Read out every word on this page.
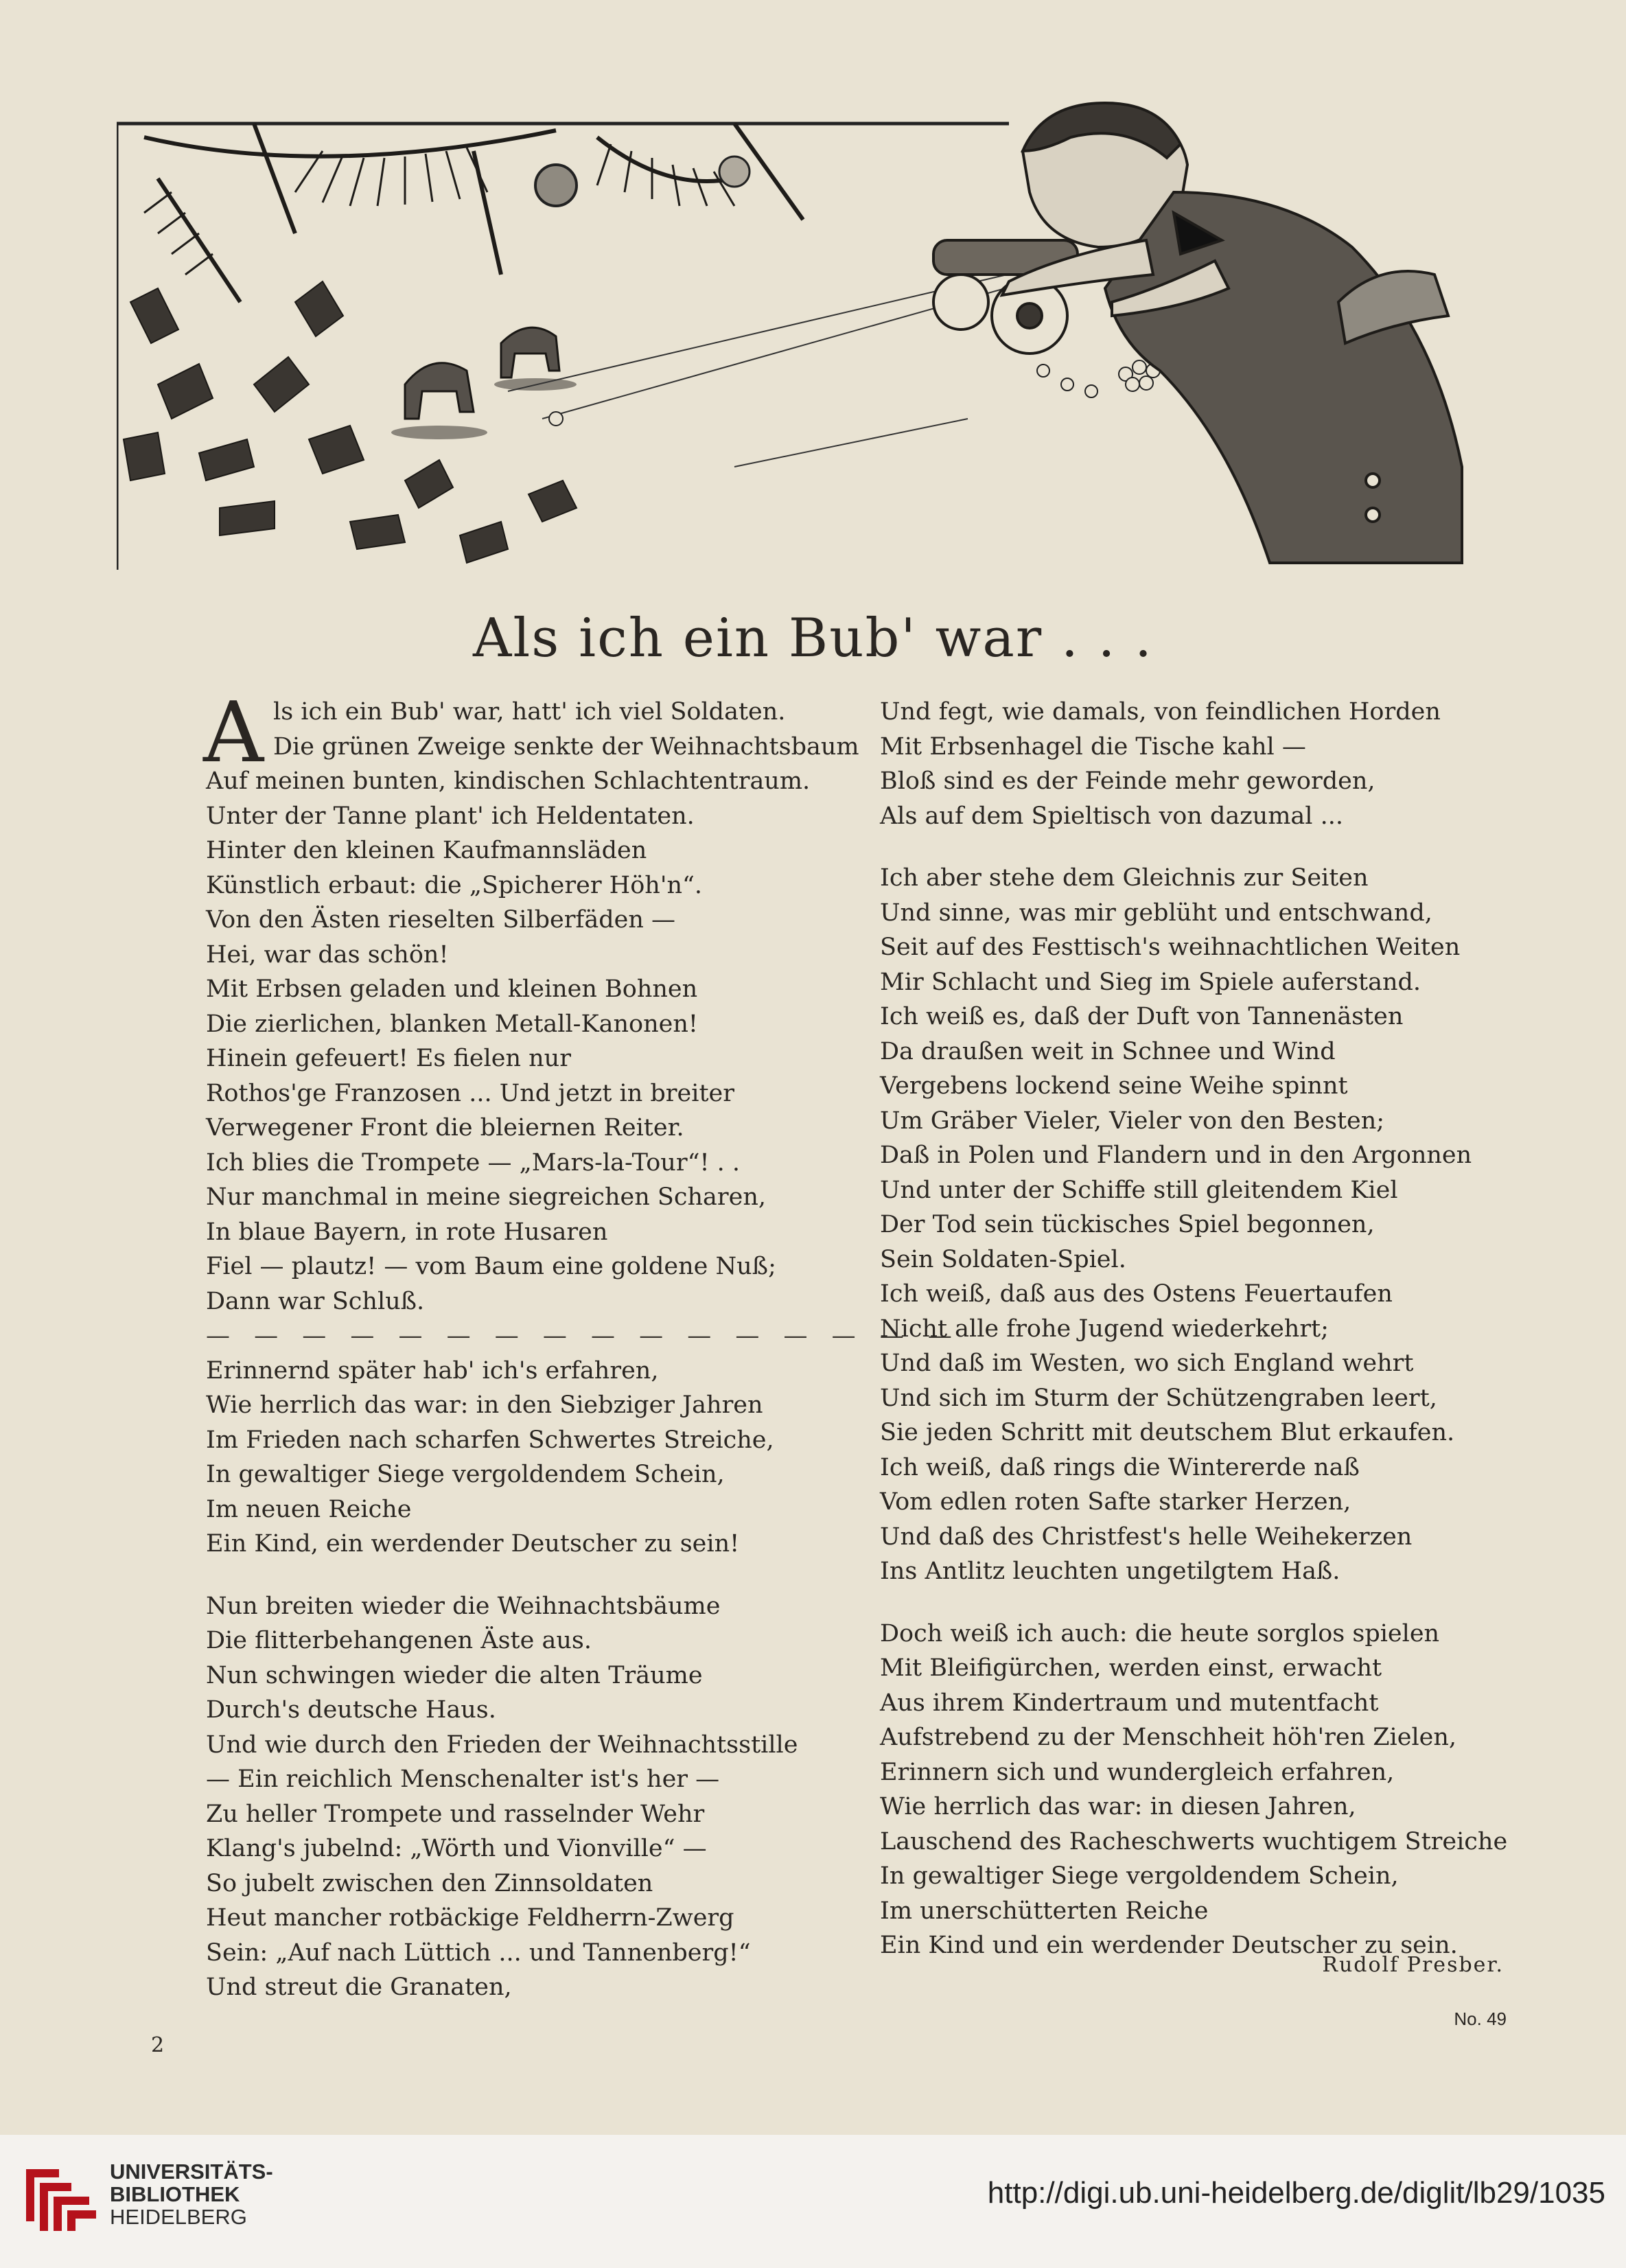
Als ich ein Bub' war . . .
A ls ich ein Bub' war, hatt' ich viel Soldaten.
Die grünen Zweige senkte der Weihnachtsbaum
Auf meinen bunten, kindischen Schlachtentraum.
Unter der Tanne plant' ich Heldentaten.
Hinter den kleinen Kaufmannsläden
Künstlich erbaut: die „Spicherer Höh'n“.
Von den Ästen rieselten Silberfäden —
Hei, war das schön!
Mit Erbsen geladen und kleinen Bohnen
Die zierlichen, blanken Metall-Kanonen!
Hinein gefeuert! Es fielen nur
Rothos'ge Franzosen ... Und jetzt in breiter
Verwegener Front die bleiernen Reiter.
Ich blies die Trompete — „Mars-la-Tour“! . .
Nur manchmal in meine siegreichen Scharen,
In blaue Bayern, in rote Husaren
Fiel — plautz! — vom Baum eine goldene Nuß;
Dann war Schluß.
— — — — — — — — — — — — — — — —
Erinnernd später hab' ich's erfahren,
Wie herrlich das war: in den Siebziger Jahren
Im Frieden nach scharfen Schwertes Streiche,
In gewaltiger Siege vergoldendem Schein,
Im neuen Reiche
Ein Kind, ein werdender Deutscher zu sein!
Nun breiten wieder die Weihnachtsbäume
Die flitterbehangenen Äste aus.
Nun schwingen wieder die alten Träume
Durch's deutsche Haus.
Und wie durch den Frieden der Weihnachtsstille
— Ein reichlich Menschenalter ist's her —
Zu heller Trompete und rasselnder Wehr
Klang's jubelnd: „Wörth und Vionville“ —
So jubelt zwischen den Zinnsoldaten
Heut mancher rotbäckige Feldherrn-Zwerg
Sein: „Auf nach Lüttich ... und Tannenberg!“
Und streut die Granaten,
Und fegt, wie damals, von feindlichen Horden
Mit Erbsenhagel die Tische kahl —
Bloß sind es der Feinde mehr geworden,
Als auf dem Spieltisch von dazumal ...
Ich aber stehe dem Gleichnis zur Seiten
Und sinne, was mir geblüht und entschwand,
Seit auf des Festtisch's weihnachtlichen Weiten
Mir Schlacht und Sieg im Spiele auferstand.
Ich weiß es, daß der Duft von Tannenästen
Da draußen weit in Schnee und Wind
Vergebens lockend seine Weihe spinnt
Um Gräber Vieler, Vieler von den Besten;
Daß in Polen und Flandern und in den Argonnen
Und unter der Schiffe still gleitendem Kiel
Der Tod sein tückisches Spiel begonnen,
Sein Soldaten-Spiel.
Ich weiß, daß aus des Ostens Feuertaufen
Nicht alle frohe Jugend wiederkehrt;
Und daß im Westen, wo sich England wehrt
Und sich im Sturm der Schützengraben leert,
Sie jeden Schritt mit deutschem Blut erkaufen.
Ich weiß, daß rings die Wintererde naß
Vom edlen roten Safte starker Herzen,
Und daß des Christfest's helle Weihekerzen
Ins Antlitz leuchten ungetilgtem Haß.
Doch weiß ich auch: die heute sorglos spielen
Mit Bleifigürchen, werden einst, erwacht
Aus ihrem Kindertraum und mutentfacht
Aufstrebend zu der Menschheit höh'ren Zielen,
Erinnern sich und wundergleich erfahren,
Wie herrlich das war: in diesen Jahren,
Lauschend des Racheschwerts wuchtigem Streiche
In gewaltiger Siege vergoldendem Schein,
Im unerschütterten Reiche
Ein Kind und ein werdender Deutscher zu sein.
Rudolf Presber.
2
No. 49
UNIVERSITÄTS-
BIBLIOTHEK
HEIDELBERG
http://digi.ub.uni-heidelberg.de/diglit/lb29/1035
